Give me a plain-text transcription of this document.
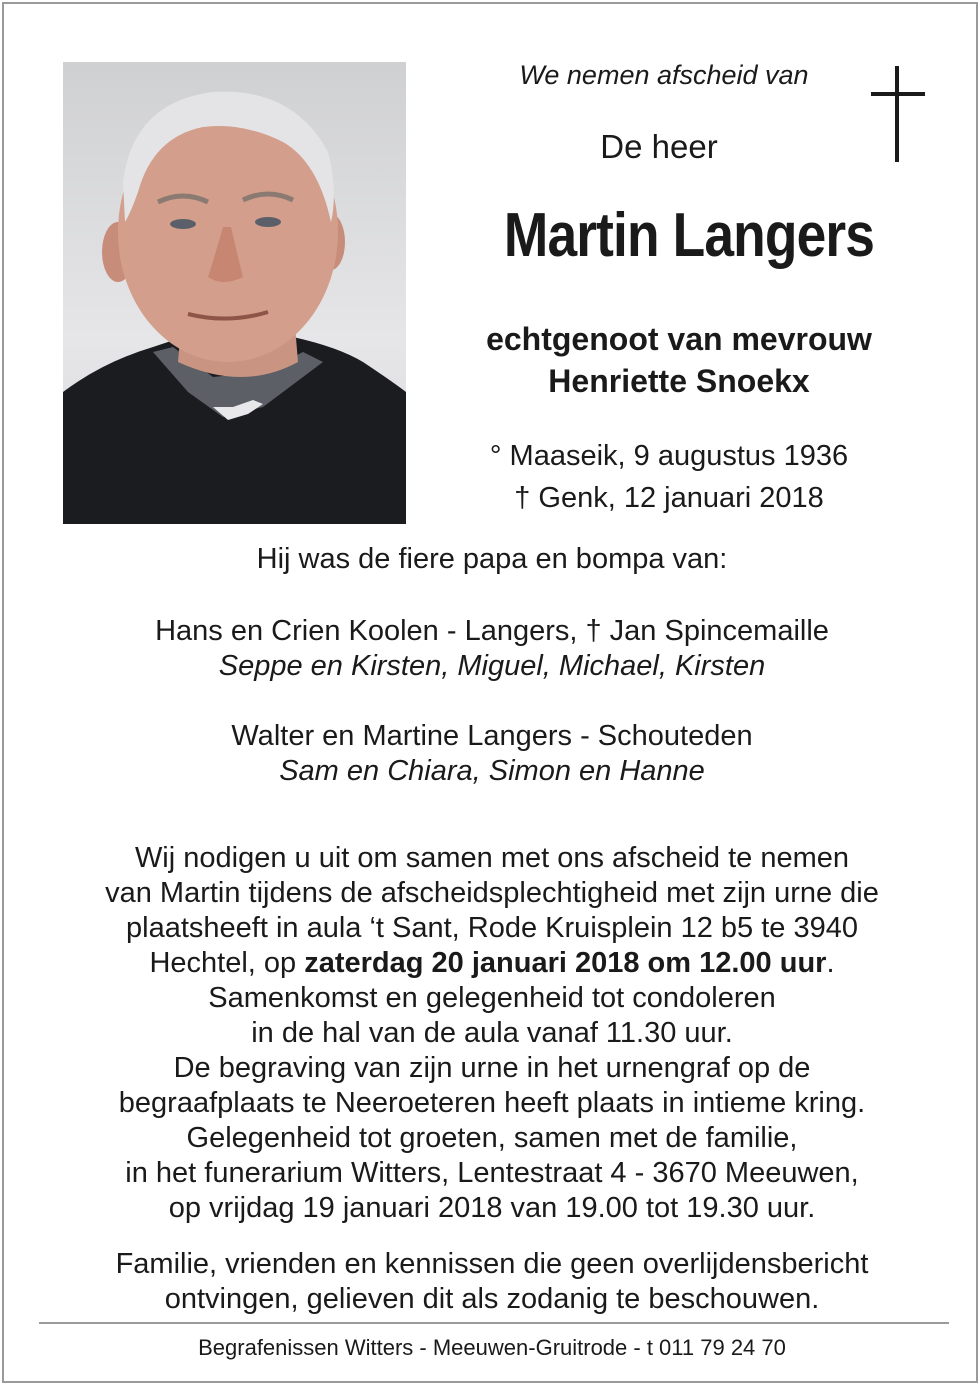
We nemen afscheid van
De heer
Martin Langers
echtgenoot van mevrouw
Henriette Snoekx
° Maaseik, 9 augustus 1936
† Genk, 12 januari 2018
Hij was de fiere papa en bompa van:
Hans en Crien Koolen - Langers, † Jan Spincemaille
Seppe en Kirsten, Miguel, Michael, Kirsten
Walter en Martine Langers - Schouteden
Sam en Chiara, Simon en Hanne
Wij nodigen u uit om samen met ons afscheid te nemen
van Martin tijdens de afscheidsplechtigheid met zijn urne die
plaatsheeft in aula ‘t Sant, Rode Kruisplein 12 b5 te 3940
Hechtel, op zaterdag 20 januari 2018 om 12.00 uur.
Samenkomst en gelegenheid tot condoleren
in de hal van de aula vanaf 11.30 uur.
De begraving van zijn urne in het urnengraf op de
begraafplaats te Neeroeteren heeft plaats in intieme kring.
Gelegenheid tot groeten, samen met de familie,
in het funerarium Witters, Lentestraat 4 - 3670 Meeuwen,
op vrijdag 19 januari 2018 van 19.00 tot 19.30 uur.
Familie, vrienden en kennissen die geen overlijdensbericht
ontvingen, gelieven dit als zodanig te beschouwen.
Begrafenissen Witters - Meeuwen-Gruitrode - t 011 79 24 70
